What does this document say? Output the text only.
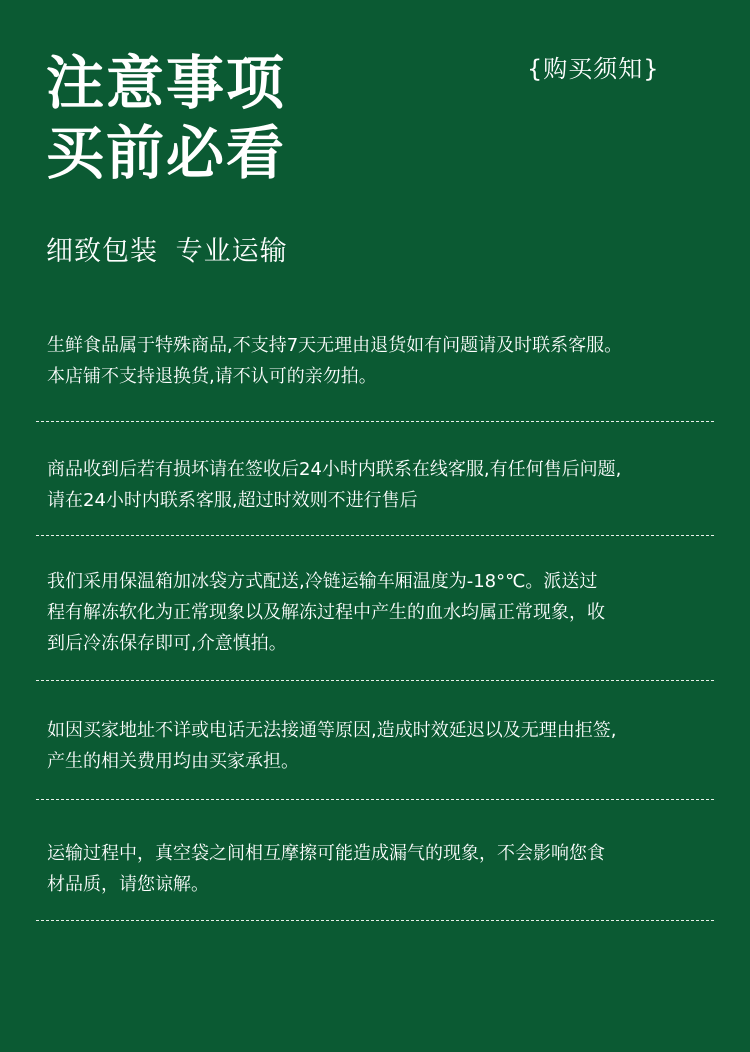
注意事项
买前必看
{购买须知}
细致包装 专业运输
生鲜食品属于特殊商品,不支持7天无理由退货如有问题请及时联系客服。
本店铺不支持退换货,请不认可的亲勿拍。
商品收到后若有损坏请在签收后24小时内联系在线客服,有任何售后问题,
请在24小时内联系客服,超过时效则不进行售后
我们采用保温箱加冰袋方式配送,冷链运输车厢温度为-18°℃。派送过
程有解冻软化为正常现象以及解冻过程中产生的血水均属正常现象，收
到后冷冻保存即可,介意慎拍。
如因买家地址不详或电话无法接通等原因,造成时效延迟以及无理由拒签,
产生的相关费用均由买家承担。
运输过程中，真空袋之间相互摩擦可能造成漏气的现象，不会影响您食
材品质，请您谅解。
